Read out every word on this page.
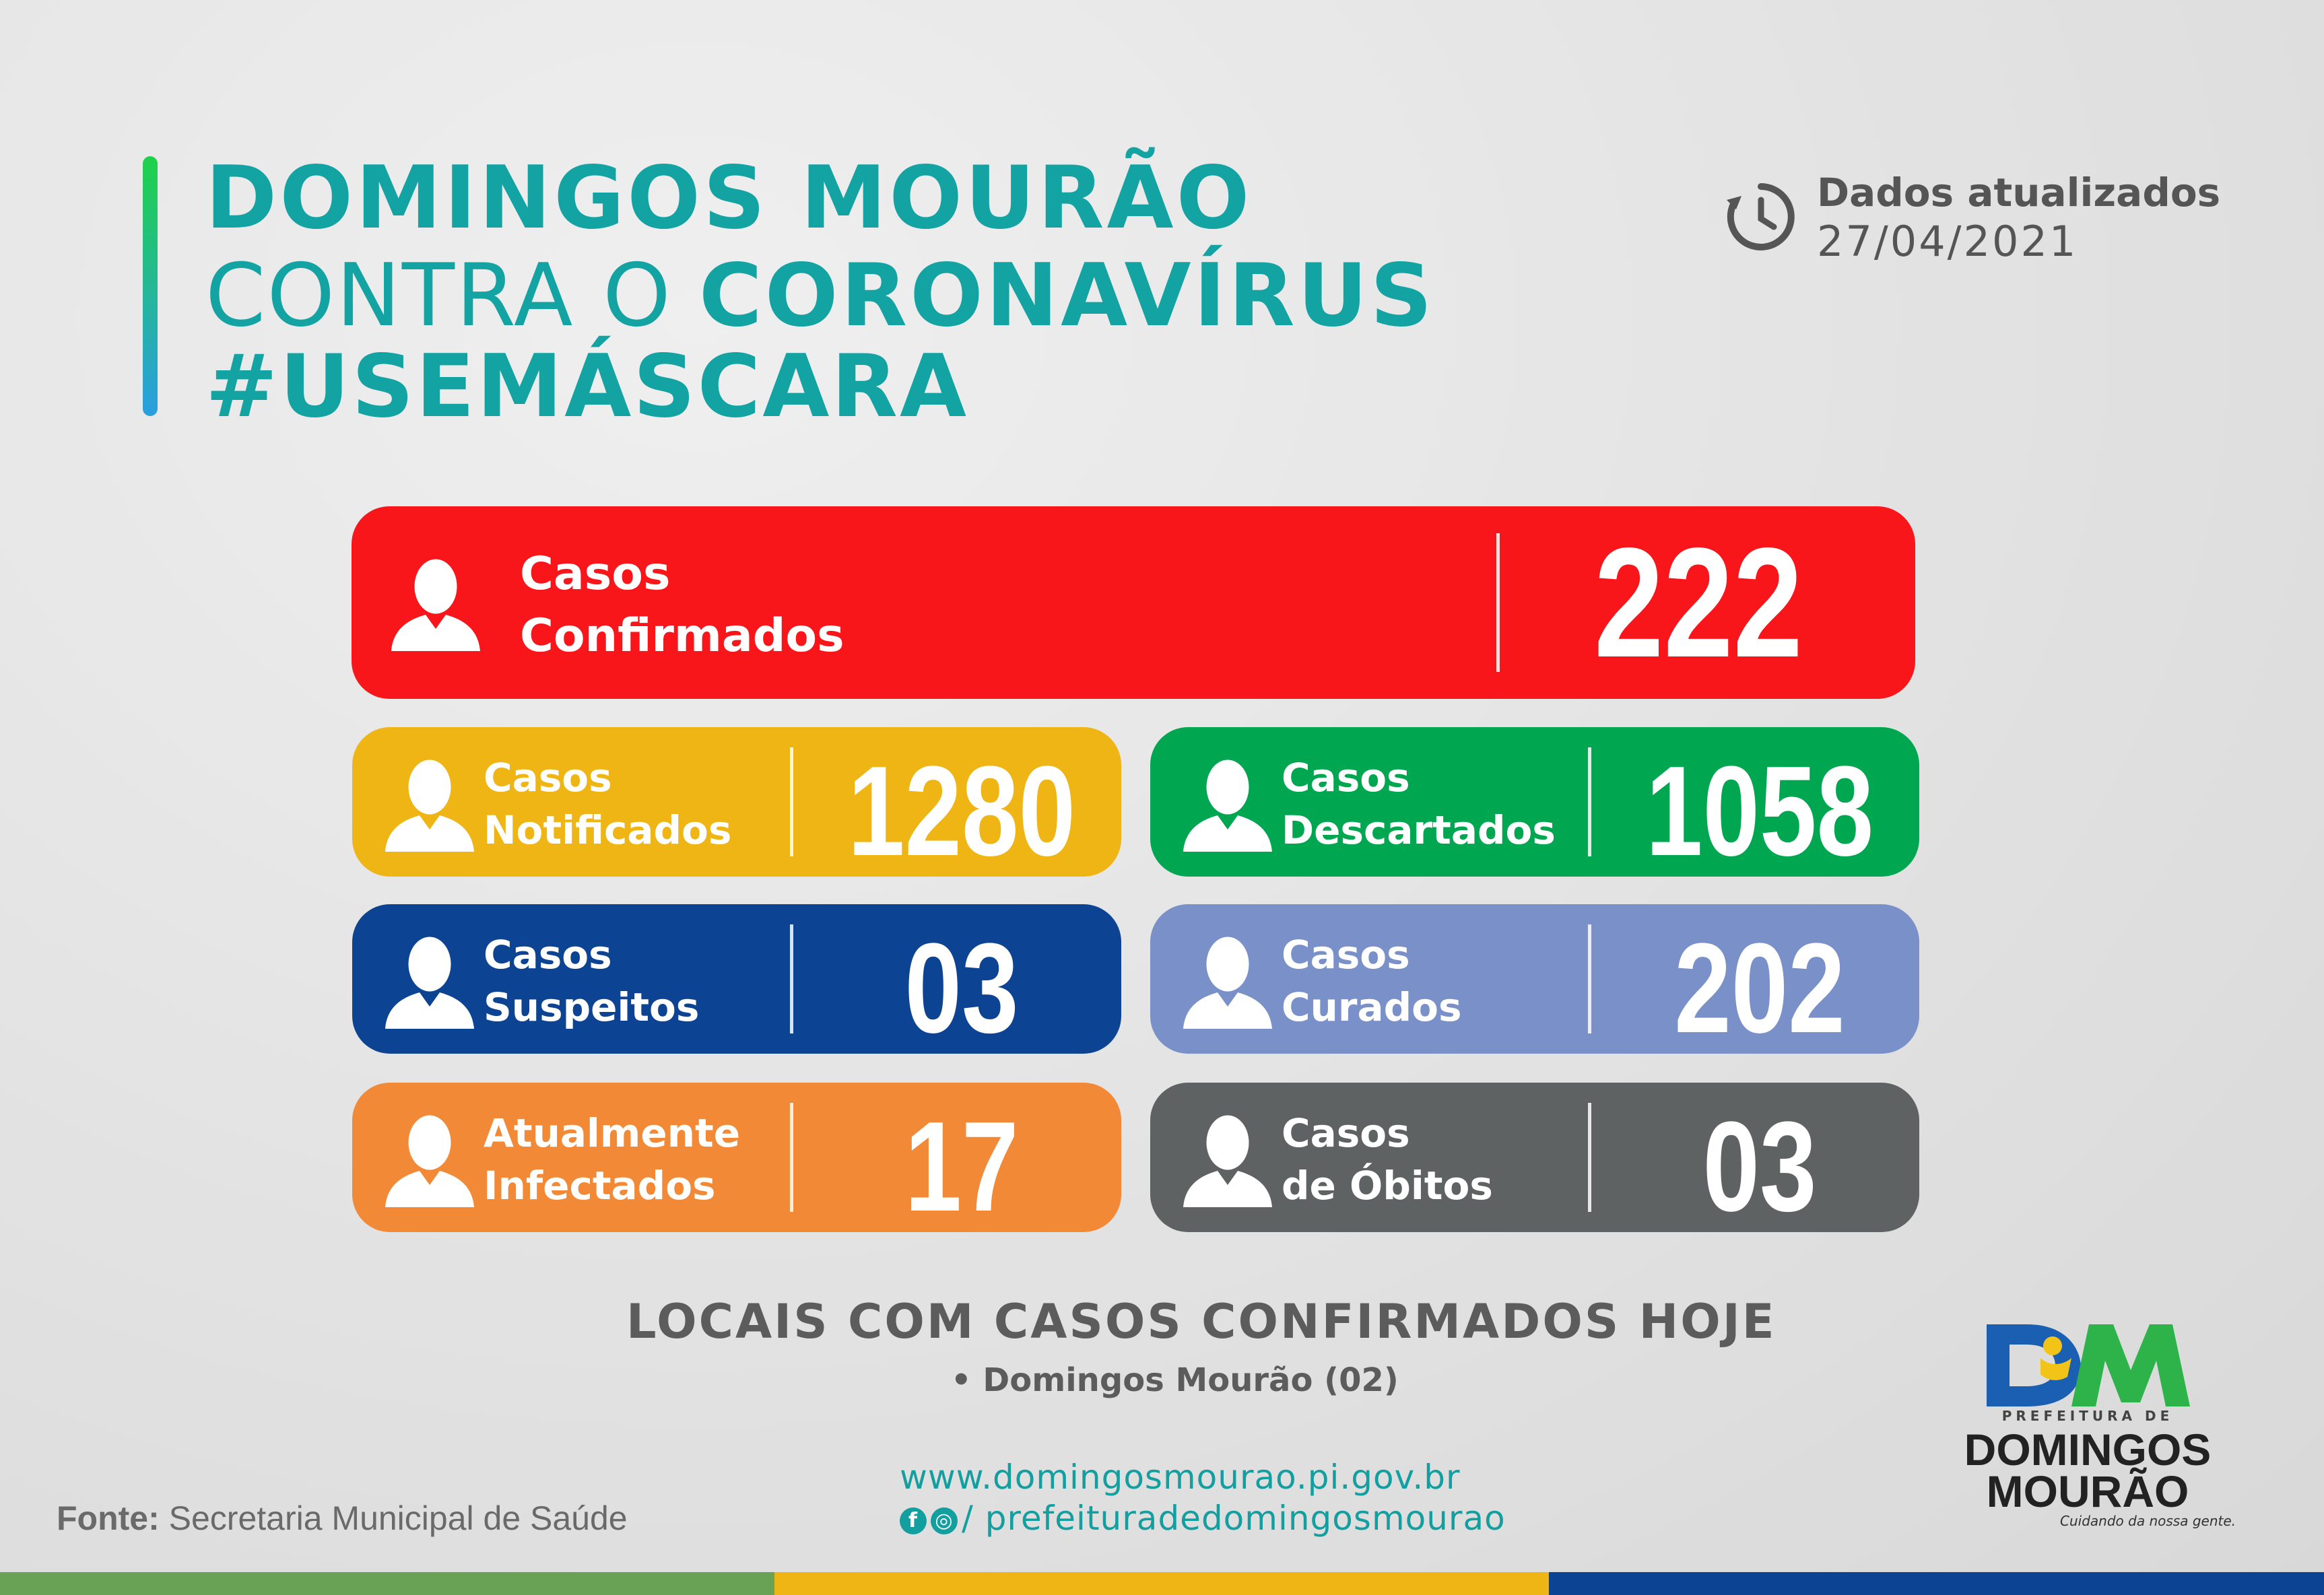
DOMINGOS MOURÃO
CONTRA O CORONAVÍRUS
#USEMÁSCARA
Dados atualizados
27/04/2021
Casos
Confirmados	222
Casos
Notificados 1280	Casos
Descartados 1058
Casos
Suspeitos	03	Casos
Curados	202
Atualmente
Infectados	17	Casos
de Óbitos	03
LOCAIS COM CASOS CONFIRMADOS HOJE
• Domingos Mourão (02)
Fonte: Secretaria Municipal de Saúde
www.domingosmourao.pi.gov.br
f ◎ / prefeituradedomingosmourao
PREFEITURA DE
DOMINGOS
MOURÃO
Cuidando da nossa gente.
